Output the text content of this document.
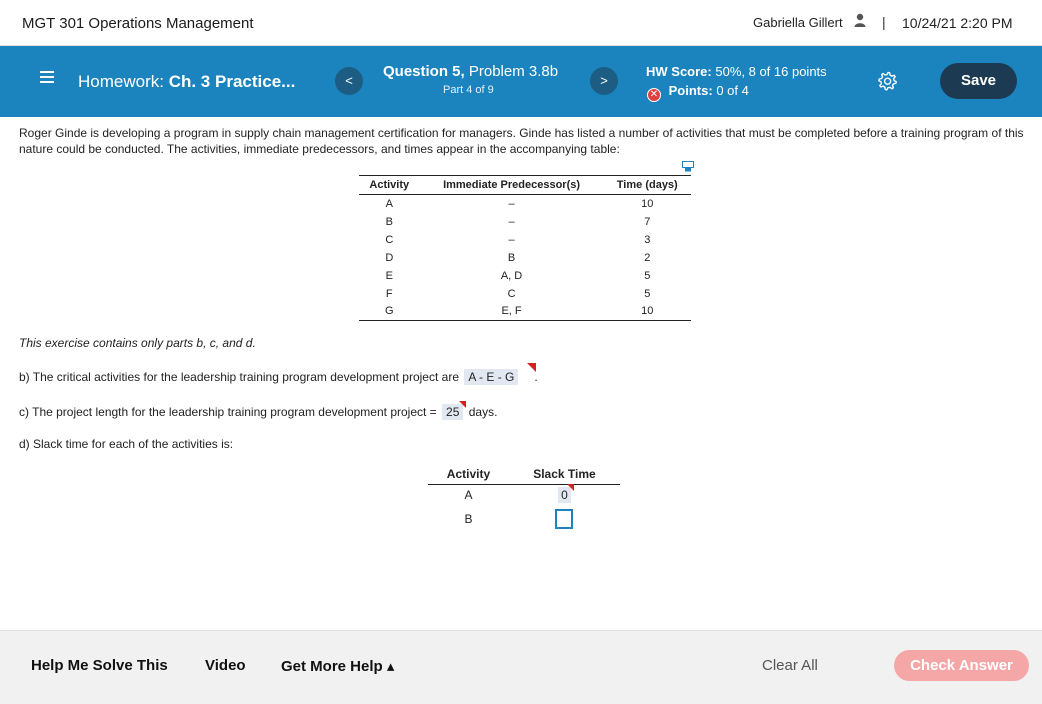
MGT 301 Operations Management	Gabriella Gillert	| 10/24/21 2:20 PM
Homework: Ch. 3 Practice...	<
Question 5, Problem 3.8b
Part 4 of 9
>
HW Score: 50%, 8 of 16 points
✕ Points: 0 of 4
Save
Roger Ginde is developing a program in supply chain management certification for managers. Ginde has listed a number of activities that must be completed before a training program of this nature could be conducted. The activities, immediate predecessors, and times appear in the accompanying table:
Activity	Immediate Predecessor(s)	Time (days)
A	–	10
B	–	7
C	–	3
D	B	2
E	A, D	5
F	C	5
G	E, F	10
This exercise contains only parts b, c, and d.
b) The critical activities for the leadership training program development project are A - E - G .
c) The project length for the leadership training program development project = 25 days.
d) Slack time for each of the activities is:
Activity	Slack Time
A	0

B	
Help Me Solve This Video Get More Help ▴	Clear All	Check Answer
